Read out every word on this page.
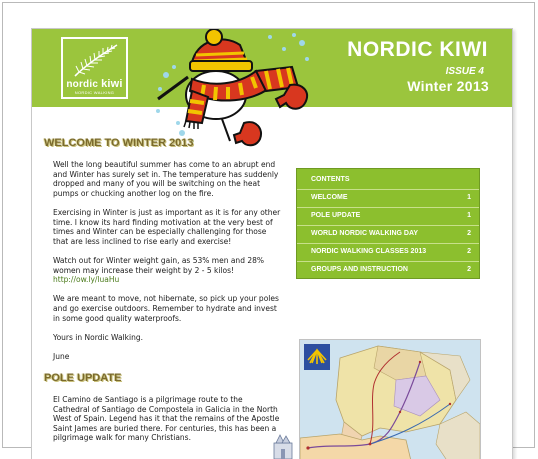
nordic kiwi
NORDIC WALKING
NORDIC KIWI
ISSUE 4
Winter 2013
WELCOME TO WINTER 2013

Well the long beautiful summer has come to an abrupt end and Winter has surely set in. The temperature has suddenly dropped and many of you will be switching on the heat pumps or chucking another log on the fire.

Exercising in Winter is just as important as it is for any other time. I know its hard finding motivation at the very best of times and Winter can be especially challenging for those that are less inclined to rise early and exercise!

Watch out for Winter weight gain, as 53% men and 28% women may increase their weight by 2 - 5 kilos!

http://ow.ly/luaHu

We are meant to move, not hibernate, so pick up your poles and go exercise outdoors. Remember to hydrate and invest in some good quality waterproofs.

Yours in Nordic Walking.

June

POLE UPDATE

El Camino de Santiago is a pilgrimage route to the Cathedral of Santiago de Compostela in Galicia in the North West of Spain. Legend has it that the remains of the Apostle Saint James are buried there. For centuries, this has been a pilgrimage walk for many Christians.

CONTENTS
WELCOME	1
POLE UPDATE	1
WORLD NORDIC WALKING DAY	2
NORDIC WALKING CLASSES 2013	2
GROUPS AND INSTRUCTION	2
